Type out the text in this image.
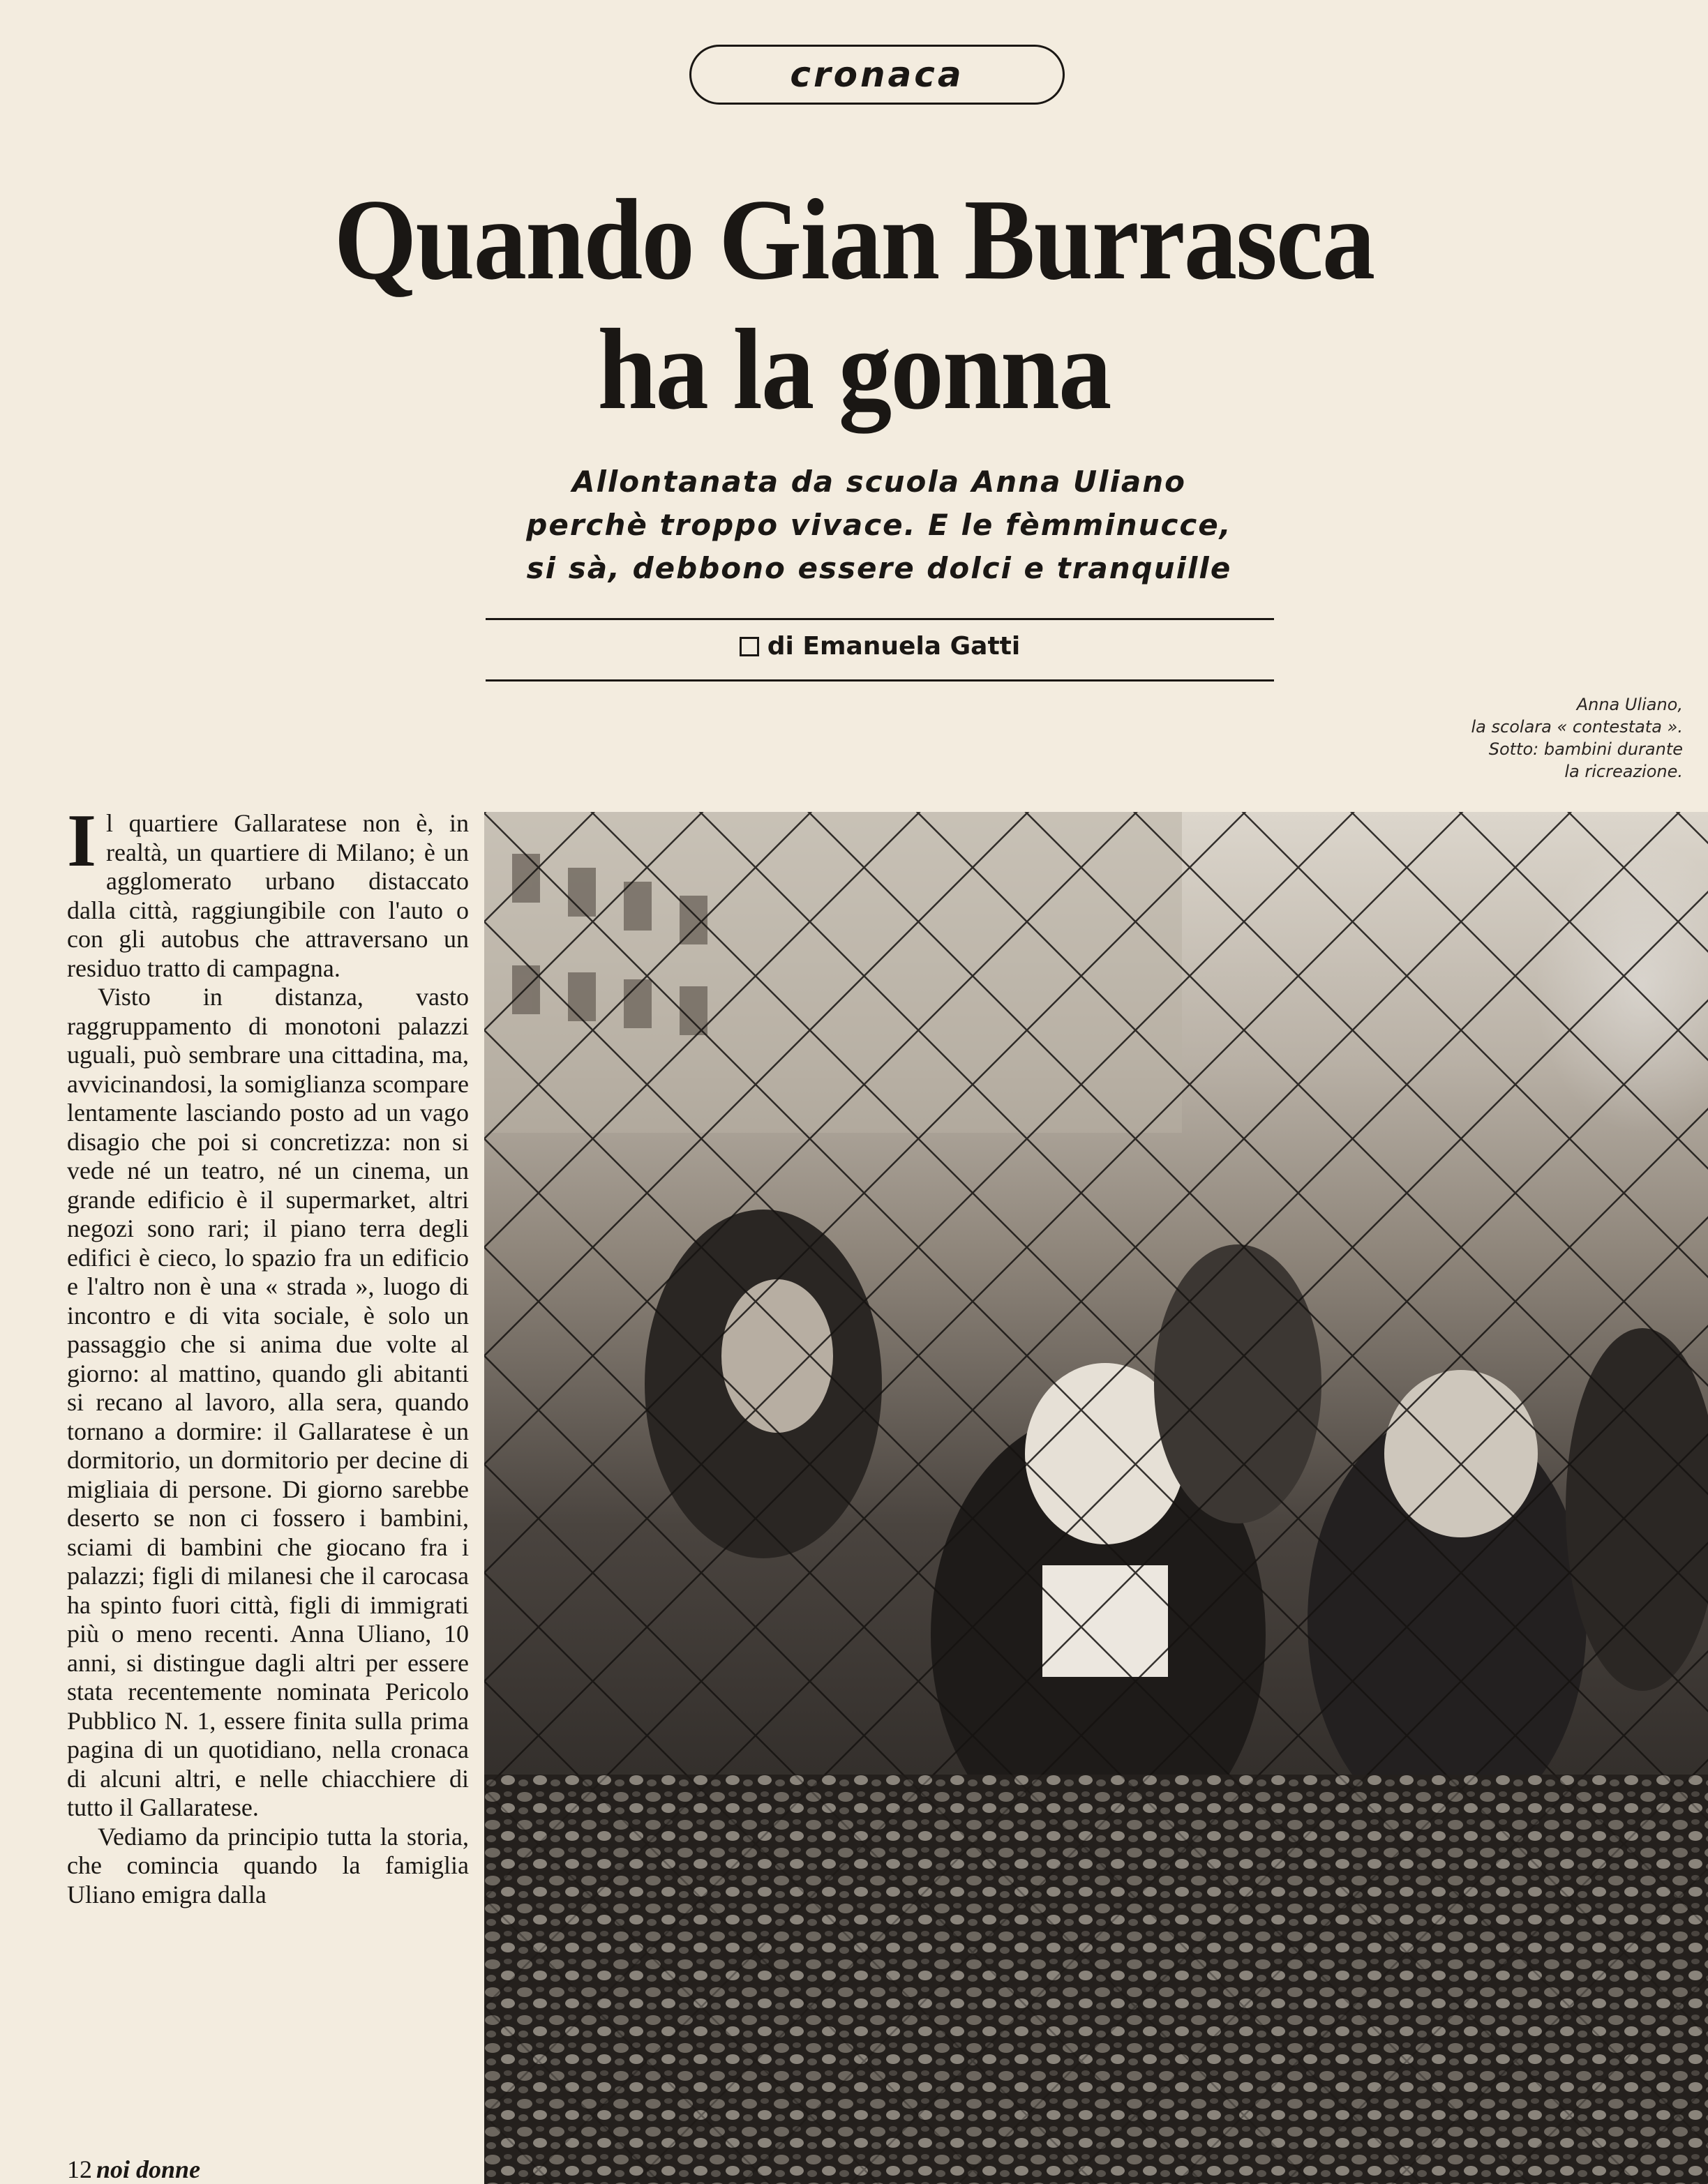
cronaca
Quando Gian Burrasca
ha la gonna
Allontanata da scuola Anna Uliano
perchè troppo vivace. E le fèmminucce,
si sà, debbono essere dolci e tranquille
di Emanuela Gatti
Anna Uliano,
la scolara « contestata ».
Sotto: bambini durante
la ricreazione.

Il quartiere Gallaratese non è, in realtà, un quartiere di Milano; è un agglomerato urbano distaccato dalla città, raggiungibile con l'auto o con gli autobus che attraversano un residuo tratto di campagna.

Visto in distanza, vasto raggruppamento di monotoni palazzi uguali, può sembrare una cittadina, ma, avvicinandosi, la somiglianza scompare lentamente lasciando posto ad un vago disagio che poi si concretizza: non si vede né un teatro, né un cinema, un grande edificio è il supermarket, altri negozi sono rari; il piano terra degli edifici è cieco, lo spazio fra un edificio e l'altro non è una « strada », luogo di incontro e di vita sociale, è solo un passaggio che si anima due volte al giorno: al mattino, quando gli abitanti si recano al lavoro, alla sera, quando tornano a dormire: il Gallaratese è un dormitorio, un dormitorio per decine di migliaia di persone. Di giorno sarebbe deserto se non ci fossero i bambini, sciami di bambini che giocano fra i palazzi; figli di milanesi che il carocasa ha spinto fuori città, figli di immigrati più o meno recenti. Anna Uliano, 10 anni, si distingue dagli altri per essere stata recentemente nominata Pericolo Pubblico N. 1, essere finita sulla prima pagina di un quotidiano, nella cronaca di alcuni altri, e nelle chiacchiere di tutto il Gallaratese.

Vediamo da principio tutta la storia, che comincia quando la famiglia Uliano emigra dalla

12 noi donne
